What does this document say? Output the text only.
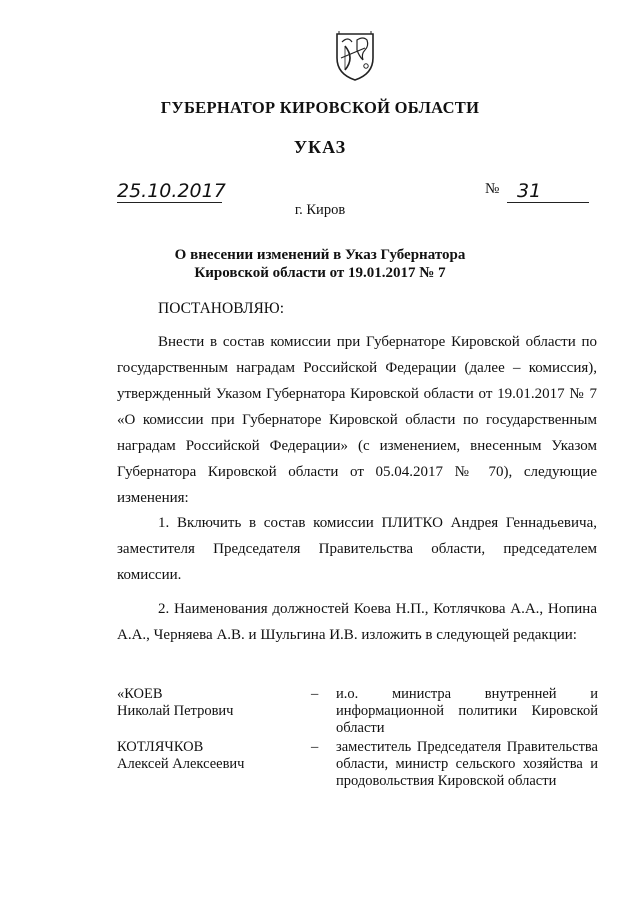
ГУБЕРНАТОР КИРОВСКОЙ ОБЛАСТИ
УКАЗ
25.10.2017	№ 31
г. Киров
О внесении изменений в Указ Губернатора
Кировской области от 19.01.2017 № 7
ПОСТАНОВЛЯЮ:
Внести в состав комиссии при Губернаторе Кировской области по государственным наградам Российской Федерации (далее – комиссия), утвержденный Указом Губернатора Кировской области от 19.01.2017 № 7 «О комиссии при Губернаторе Кировской области по государственным наградам Российской Федерации» (с изменением, внесенным Указом Губернатора Кировской области от 05.04.2017 № 70), следующие изменения:
1. Включить в состав комиссии ПЛИТКО Андрея Геннадьевича, заместителя Председателя Правительства области, председателем комиссии.
2. Наименования должностей Коева Н.П., Котлячкова А.А., Нопина А.А., Черняева А.В. и Шульгина И.В. изложить в следующей редакции:
«КОЕВ
Николай Петрович
– и.о. министра внутренней и информационной политики Кировской области
КОТЛЯЧКОВ
Алексей Алексеевич
– заместитель Председателя Правительства области, министр сельского хозяйства и продовольствия Кировской области
